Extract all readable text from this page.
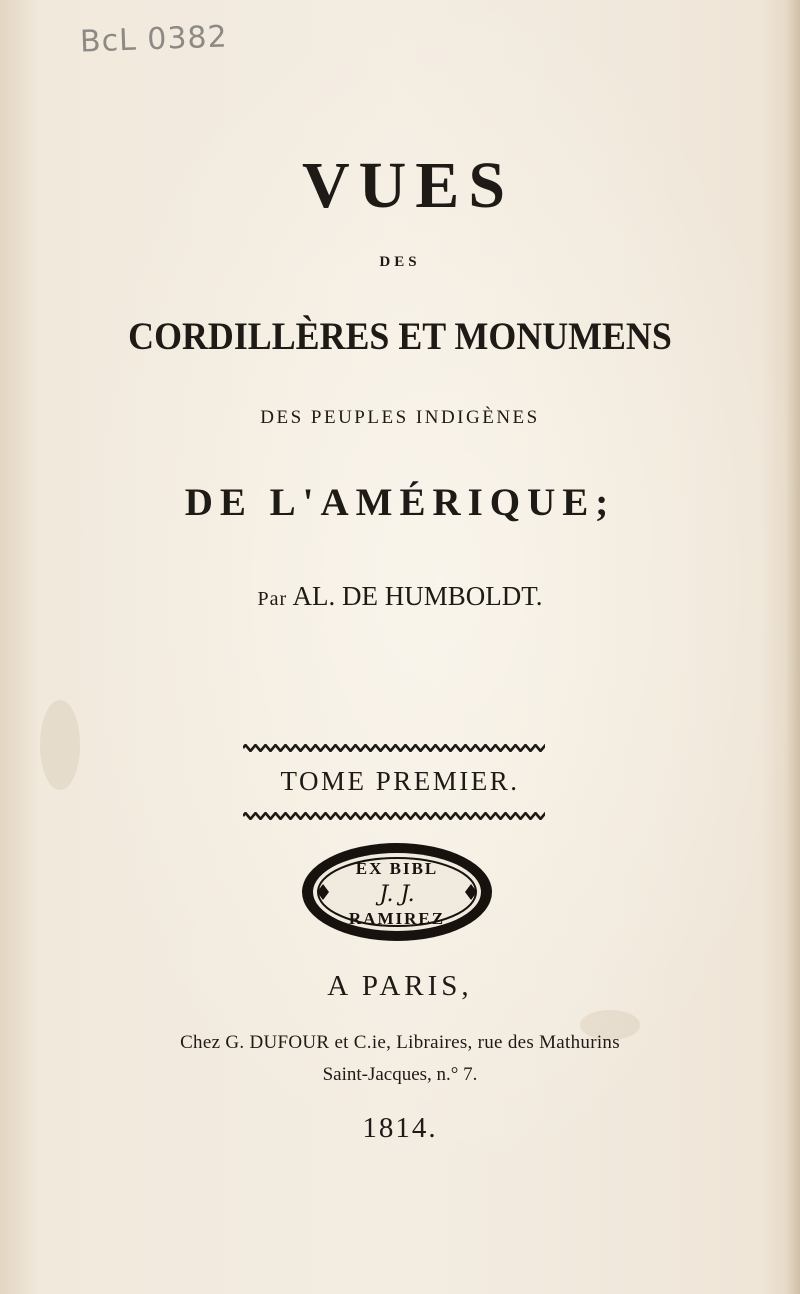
BcL 0382
VUES
DES
CORDILLÈRES ET MONUMENS
DES PEUPLES INDIGÈNES
DE L'AMÉRIQUE;
Par AL. DE HUMBOLDT.
TOME PREMIER.
EX BIBL
J. J.
RAMIREZ
A PARIS,
Chez G. DUFOUR et C.ie, Libraires, rue des Mathurins
Saint-Jacques, n.° 7.
1814.
